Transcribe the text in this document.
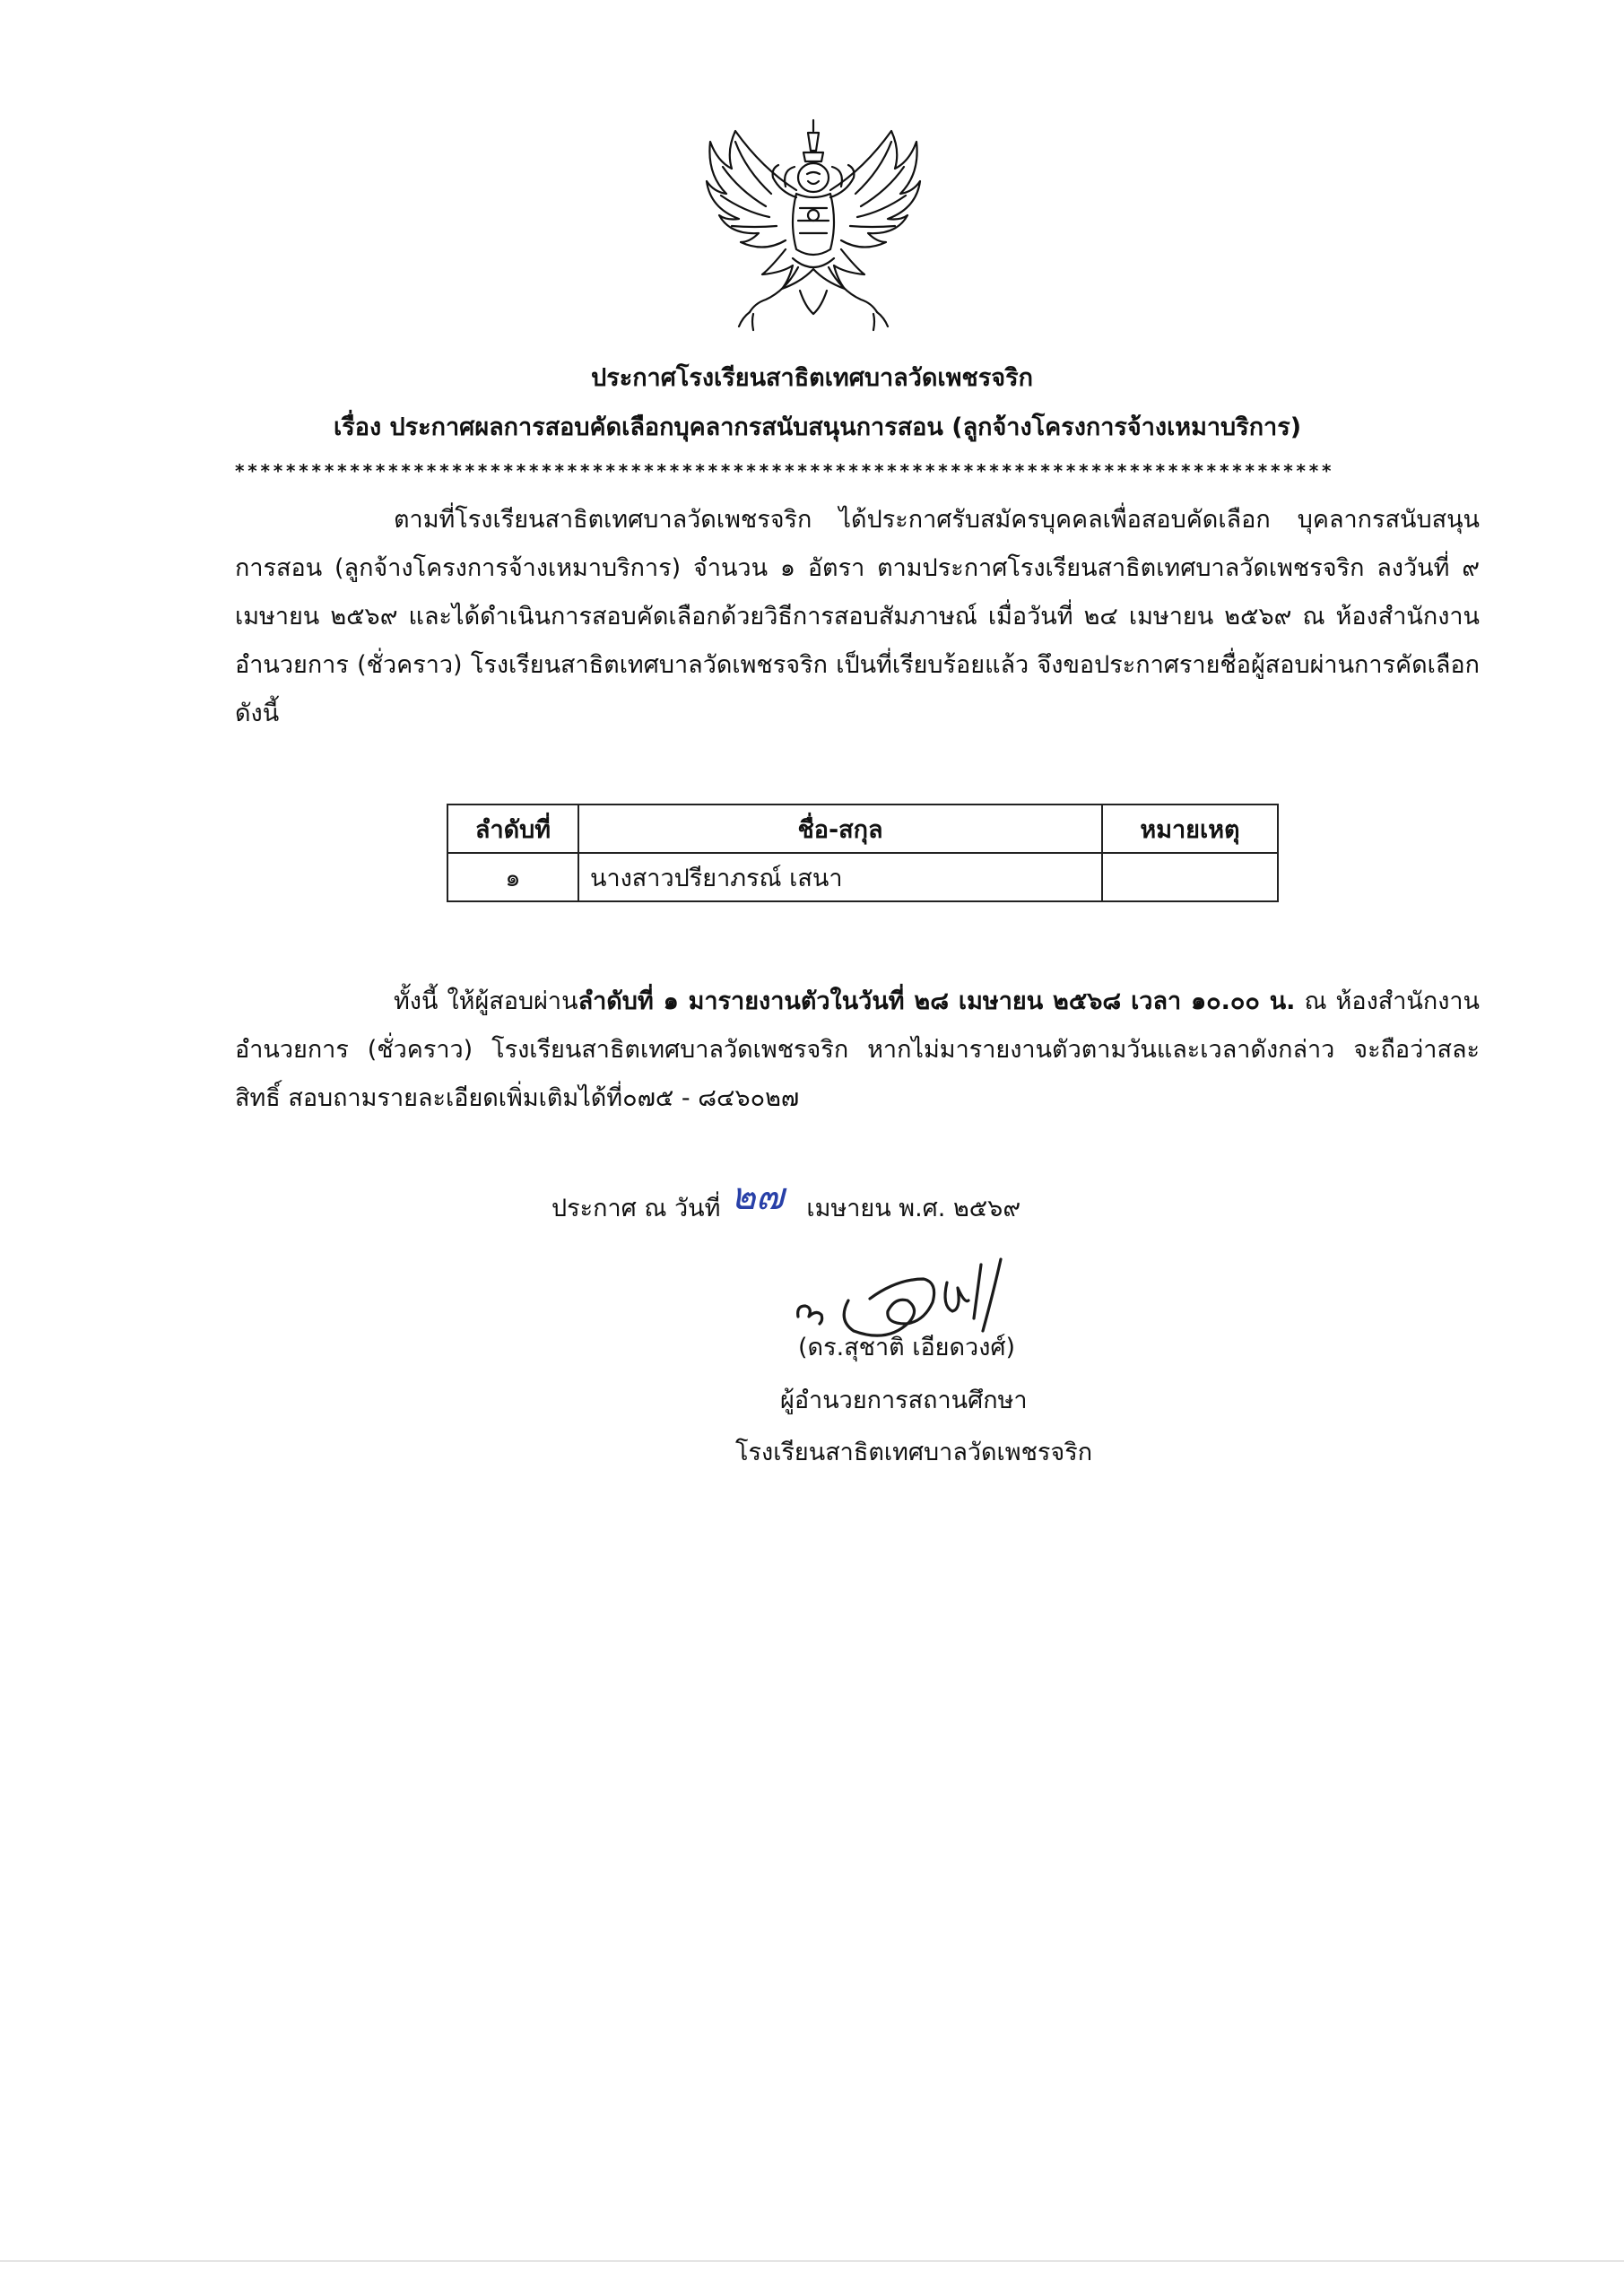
ประกาศโรงเรียนสาธิตเทศบาลวัดเพชรจริก

เรื่อง ประกาศผลการสอบคัดเลือกบุคลากรสนับสนุนการสอน (ลูกจ้างโครงการจ้างเหมาบริการ)

**************************************************************************************

ตามที่โรงเรียนสาธิตเทศบาลวัดเพชรจริก ได้ประกาศรับสมัครบุคคลเพื่อสอบคัดเลือก บุคลากรสนับสนุนการสอน (ลูกจ้างโครงการจ้างเหมาบริการ) จำนวน ๑ อัตรา ตามประกาศโรงเรียนสาธิตเทศบาลวัดเพชรจริก ลงวันที่ ๙ เมษายน ๒๕๖๙ และได้ดำเนินการสอบคัดเลือกด้วยวิธีการสอบสัมภาษณ์ เมื่อวันที่ ๒๔ เมษายน ๒๕๖๙ ณ ห้องสำนักงานอำนวยการ (ชั่วคราว) โรงเรียนสาธิตเทศบาลวัดเพชรจริก เป็นที่เรียบร้อยแล้ว จึงขอประกาศรายชื่อผู้สอบผ่านการคัดเลือก ดังนี้

ลำดับที่	ชื่อ-สกุล	หมายเหตุ
๑	นางสาวปรียาภรณ์ เสนา	

ทั้งนี้ ให้ผู้สอบผ่านลำดับที่ ๑ มารายงานตัวในวันที่ ๒๘ เมษายน ๒๕๖๘ เวลา ๑๐.๐๐ น. ณ ห้องสำนักงานอำนวยการ (ชั่วคราว) โรงเรียนสาธิตเทศบาลวัดเพชรจริก หากไม่มารายงานตัวตามวันและเวลาดังกล่าว จะถือว่าสละสิทธิ์ สอบถามรายละเอียดเพิ่มเติมได้ที่๐๗๕ - ๘๔๖๐๒๗

ประกาศ ณ วันที่	เมษายน พ.ศ. ๒๕๖๙

๒๗

(ดร.สุชาติ เอียดวงศ์)

ผู้อำนวยการสถานศึกษา

โรงเรียนสาธิตเทศบาลวัดเพชรจริก
